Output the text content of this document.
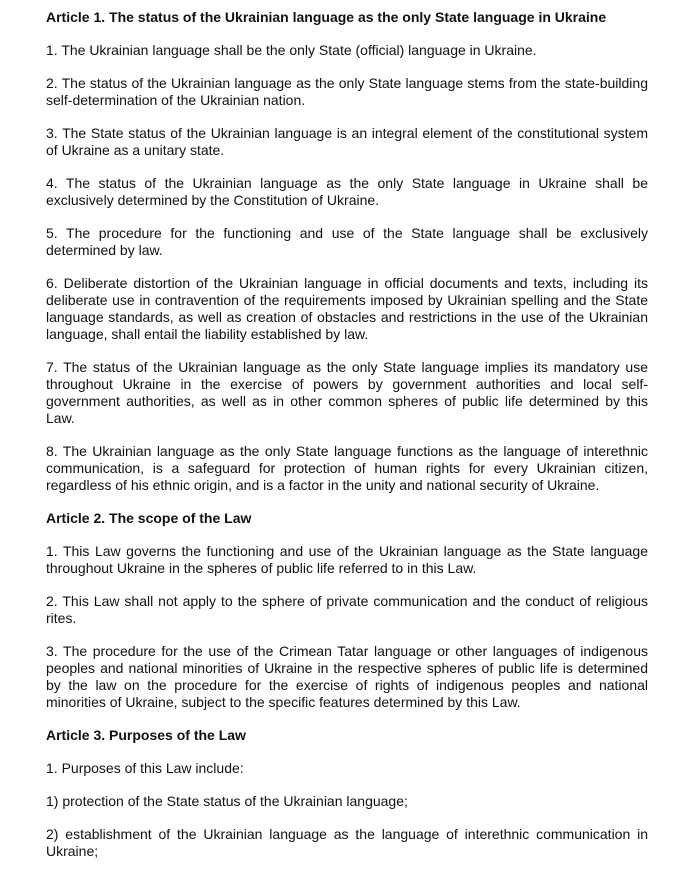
Article 1. The status of the Ukrainian language as the only State language in Ukraine
1. The Ukrainian language shall be the only State (official) language in Ukraine.
2. The status of the Ukrainian language as the only State language stems from the state-building self-determination of the Ukrainian nation.
3. The State status of the Ukrainian language is an integral element of the constitutional system of Ukraine as a unitary state.
4. The status of the Ukrainian language as the only State language in Ukraine shall be exclusively determined by the Constitution of Ukraine.
5. The procedure for the functioning and use of the State language shall be exclusively determined by law.
6. Deliberate distortion of the Ukrainian language in official documents and texts, including its deliberate use in contravention of the requirements imposed by Ukrainian spelling and the State language standards, as well as creation of obstacles and restrictions in the use of the Ukrainian language, shall entail the liability established by law.
7. The status of the Ukrainian language as the only State language implies its mandatory use throughout Ukraine in the exercise of powers by government authorities and local self-government authorities, as well as in other common spheres of public life determined by this Law.
8. The Ukrainian language as the only State language functions as the language of interethnic communication, is a safeguard for protection of human rights for every Ukrainian citizen, regardless of his ethnic origin, and is a factor in the unity and national security of Ukraine.
Article 2. The scope of the Law
1. This Law governs the functioning and use of the Ukrainian language as the State language throughout Ukraine in the spheres of public life referred to in this Law.
2. This Law shall not apply to the sphere of private communication and the conduct of religious rites.
3. The procedure for the use of the Crimean Tatar language or other languages of indigenous peoples and national minorities of Ukraine in the respective spheres of public life is determined by the law on the procedure for the exercise of rights of indigenous peoples and national minorities of Ukraine, subject to the specific features determined by this Law.
Article 3. Purposes of the Law
1. Purposes of this Law include:
1) protection of the State status of the Ukrainian language;
2) establishment of the Ukrainian language as the language of interethnic communication in Ukraine;
